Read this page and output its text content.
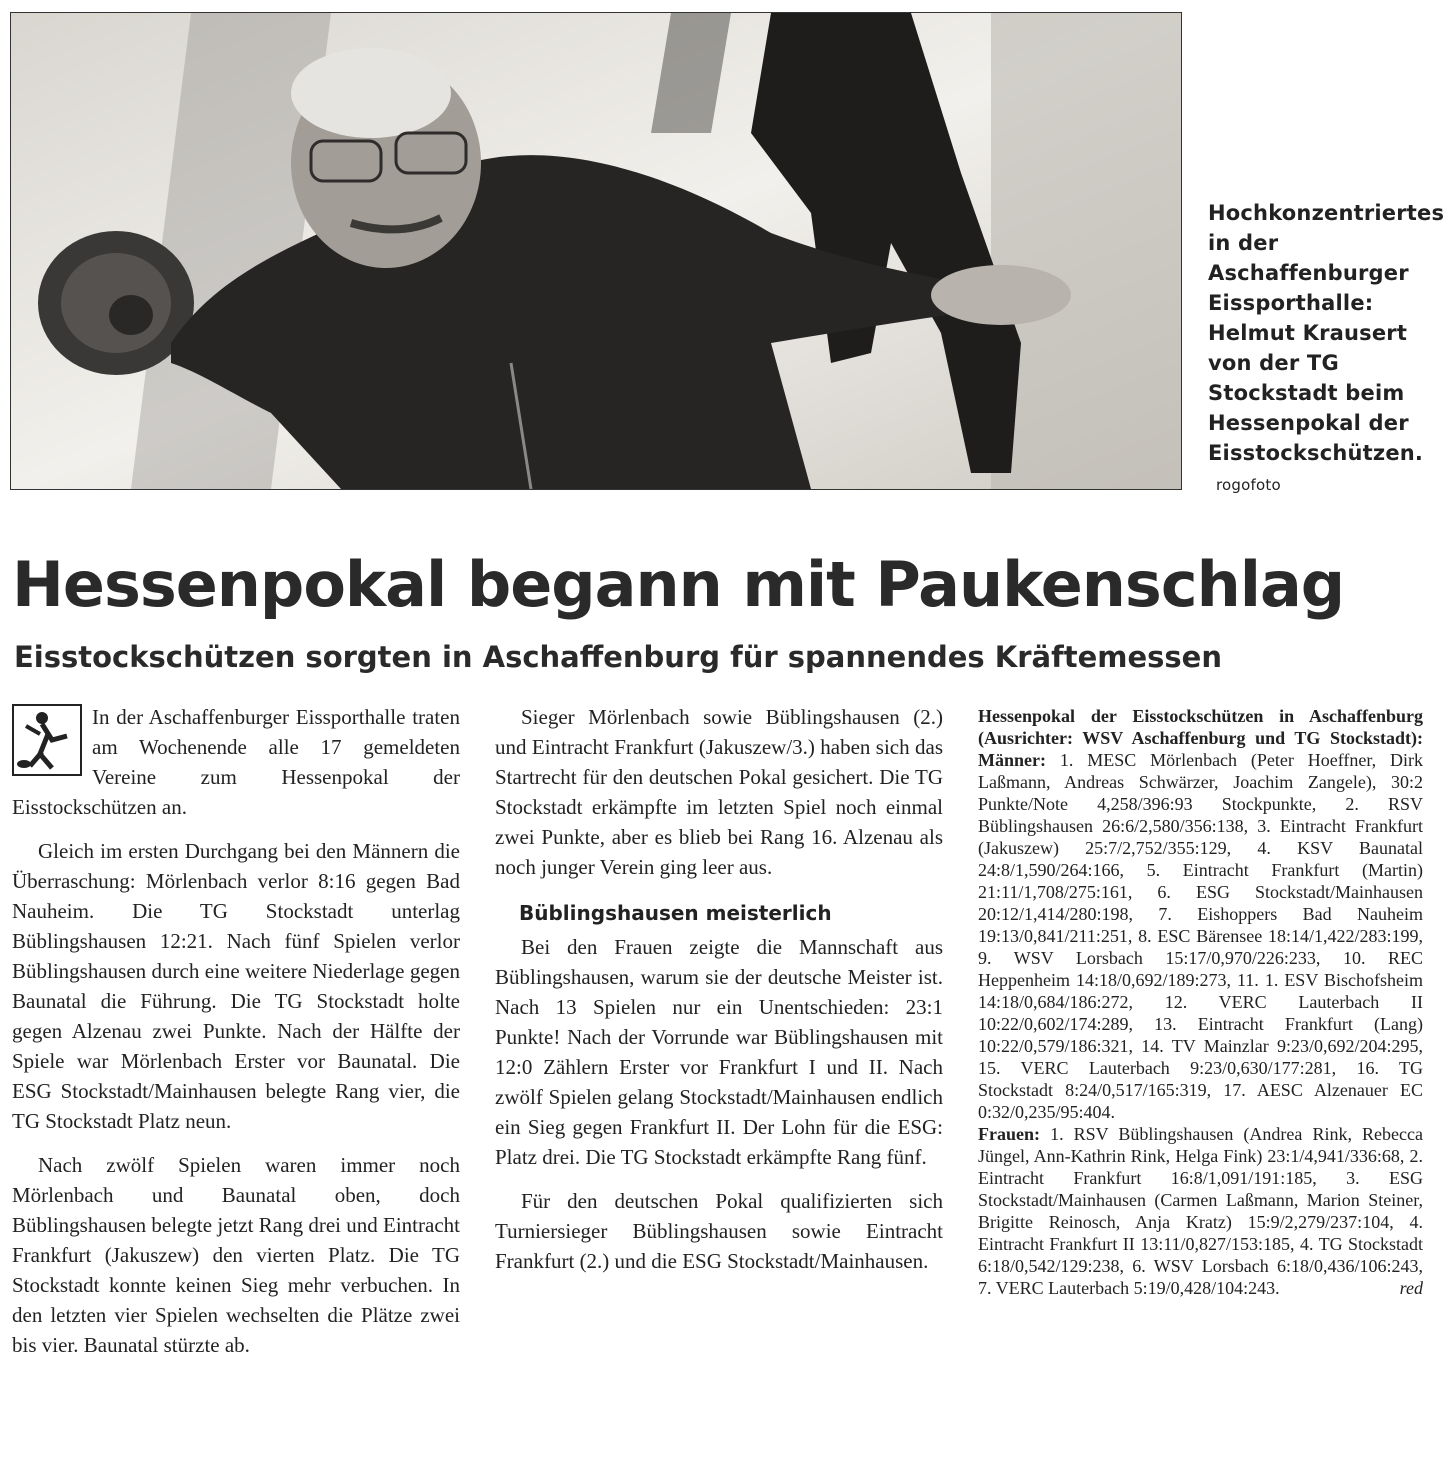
Hochkonzentriertes in der Aschaffenburger Eissporthalle: Helmut Krausert von der TG Stockstadt beim Hessenpokal der Eisstockschützen. rogofoto
Hessenpokal begann mit Paukenschlag
Eisstockschützen sorgten in Aschaffenburg für spannendes Kräftemessen

In der Aschaffenburger Eissporthalle traten am Wochenende alle 17 gemeldeten Vereine zum Hessenpokal der Eisstockschützen an.

Gleich im ersten Durchgang bei den Männern die Überraschung: Mörlenbach verlor 8:16 gegen Bad Nauheim. Die TG Stockstadt unterlag Büblingshausen 12:21. Nach fünf Spielen verlor Büblingshausen durch eine weitere Niederlage gegen Baunatal die Führung. Die TG Stockstadt holte gegen Alzenau zwei Punkte. Nach der Hälfte der Spiele war Mörlenbach Erster vor Baunatal. Die ESG Stockstadt/Mainhausen belegte Rang vier, die TG Stockstadt Platz neun.

Nach zwölf Spielen waren immer noch Mörlenbach und Baunatal oben, doch Büblingshausen belegte jetzt Rang drei und Eintracht Frankfurt (Jakuszew) den vierten Platz. Die TG Stockstadt konnte keinen Sieg mehr verbuchen. In den letzten vier Spielen wechselten die Plätze zwei bis vier. Baunatal stürzte ab.

Sieger Mörlenbach sowie Büblingshausen (2.) und Eintracht Frankfurt (Jakuszew/3.) haben sich das Startrecht für den deutschen Pokal gesichert. Die TG Stockstadt erkämpfte im letzten Spiel noch einmal zwei Punkte, aber es blieb bei Rang 16. Alzenau als noch junger Verein ging leer aus.

Büblingshausen meisterlich

Bei den Frauen zeigte die Mannschaft aus Büblingshausen, warum sie der deutsche Meister ist. Nach 13 Spielen nur ein Unentschieden: 23:1 Punkte! Nach der Vorrunde war Büblingshausen mit 12:0 Zählern Erster vor Frankfurt I und II. Nach zwölf Spielen gelang Stockstadt/Mainhausen endlich ein Sieg gegen Frankfurt II. Der Lohn für die ESG: Platz drei. Die TG Stockstadt erkämpfte Rang fünf.

Für den deutschen Pokal qualifizierten sich Turniersieger Büblingshausen sowie Eintracht Frankfurt (2.) und die ESG Stockstadt/Mainhausen.

Hessenpokal der Eisstockschützen in Aschaffenburg (Ausrichter: WSV Aschaffenburg und TG Stockstadt): Männer: 1. MESC Mörlenbach (Peter Hoeffner, Dirk Laßmann, Andreas Schwärzer, Joachim Zangele), 30:2 Punkte/Note 4,258/396:93 Stockpunkte, 2. RSV Büblingshausen 26:6/2,580/356:138, 3. Eintracht Frankfurt (Jakuszew) 25:7/2,752/355:129, 4. KSV Baunatal 24:8/1,590/264:166, 5. Eintracht Frankfurt (Martin) 21:11/1,708/275:161, 6. ESG Stockstadt/Mainhausen 20:12/1,414/280:198, 7. Eishoppers Bad Nauheim 19:13/0,841/211:251, 8. ESC Bärensee 18:14/1,422/283:199, 9. WSV Lorsbach 15:17/0,970/226:233, 10. REC Heppenheim 14:18/0,692/189:273, 11. 1. ESV Bischofsheim 14:18/0,684/186:272, 12. VERC Lauterbach II 10:22/0,602/174:289, 13. Eintracht Frankfurt (Lang) 10:22/0,579/186:321, 14. TV Mainzlar 9:23/0,692/204:295, 15. VERC Lauterbach 9:23/0,630/177:281, 16. TG Stockstadt 8:24/0,517/165:319, 17. AESC Alzenauer EC 0:32/0,235/95:404.
Frauen: 1. RSV Büblingshausen (Andrea Rink, Rebecca Jüngel, Ann-Kathrin Rink, Helga Fink) 23:1/4,941/336:68, 2. Eintracht Frankfurt 16:8/1,091/191:185, 3. ESG Stockstadt/Mainhausen (Carmen Laßmann, Marion Steiner, Brigitte Reinosch, Anja Kratz) 15:9/2,279/237:104, 4. Eintracht Frankfurt II 13:11/0,827/153:185, 4. TG Stockstadt 6:18/0,542/129:238, 6. WSV Lorsbach 6:18/0,436/106:243, 7. VERC Lauterbach 5:19/0,428/104:243.	red
